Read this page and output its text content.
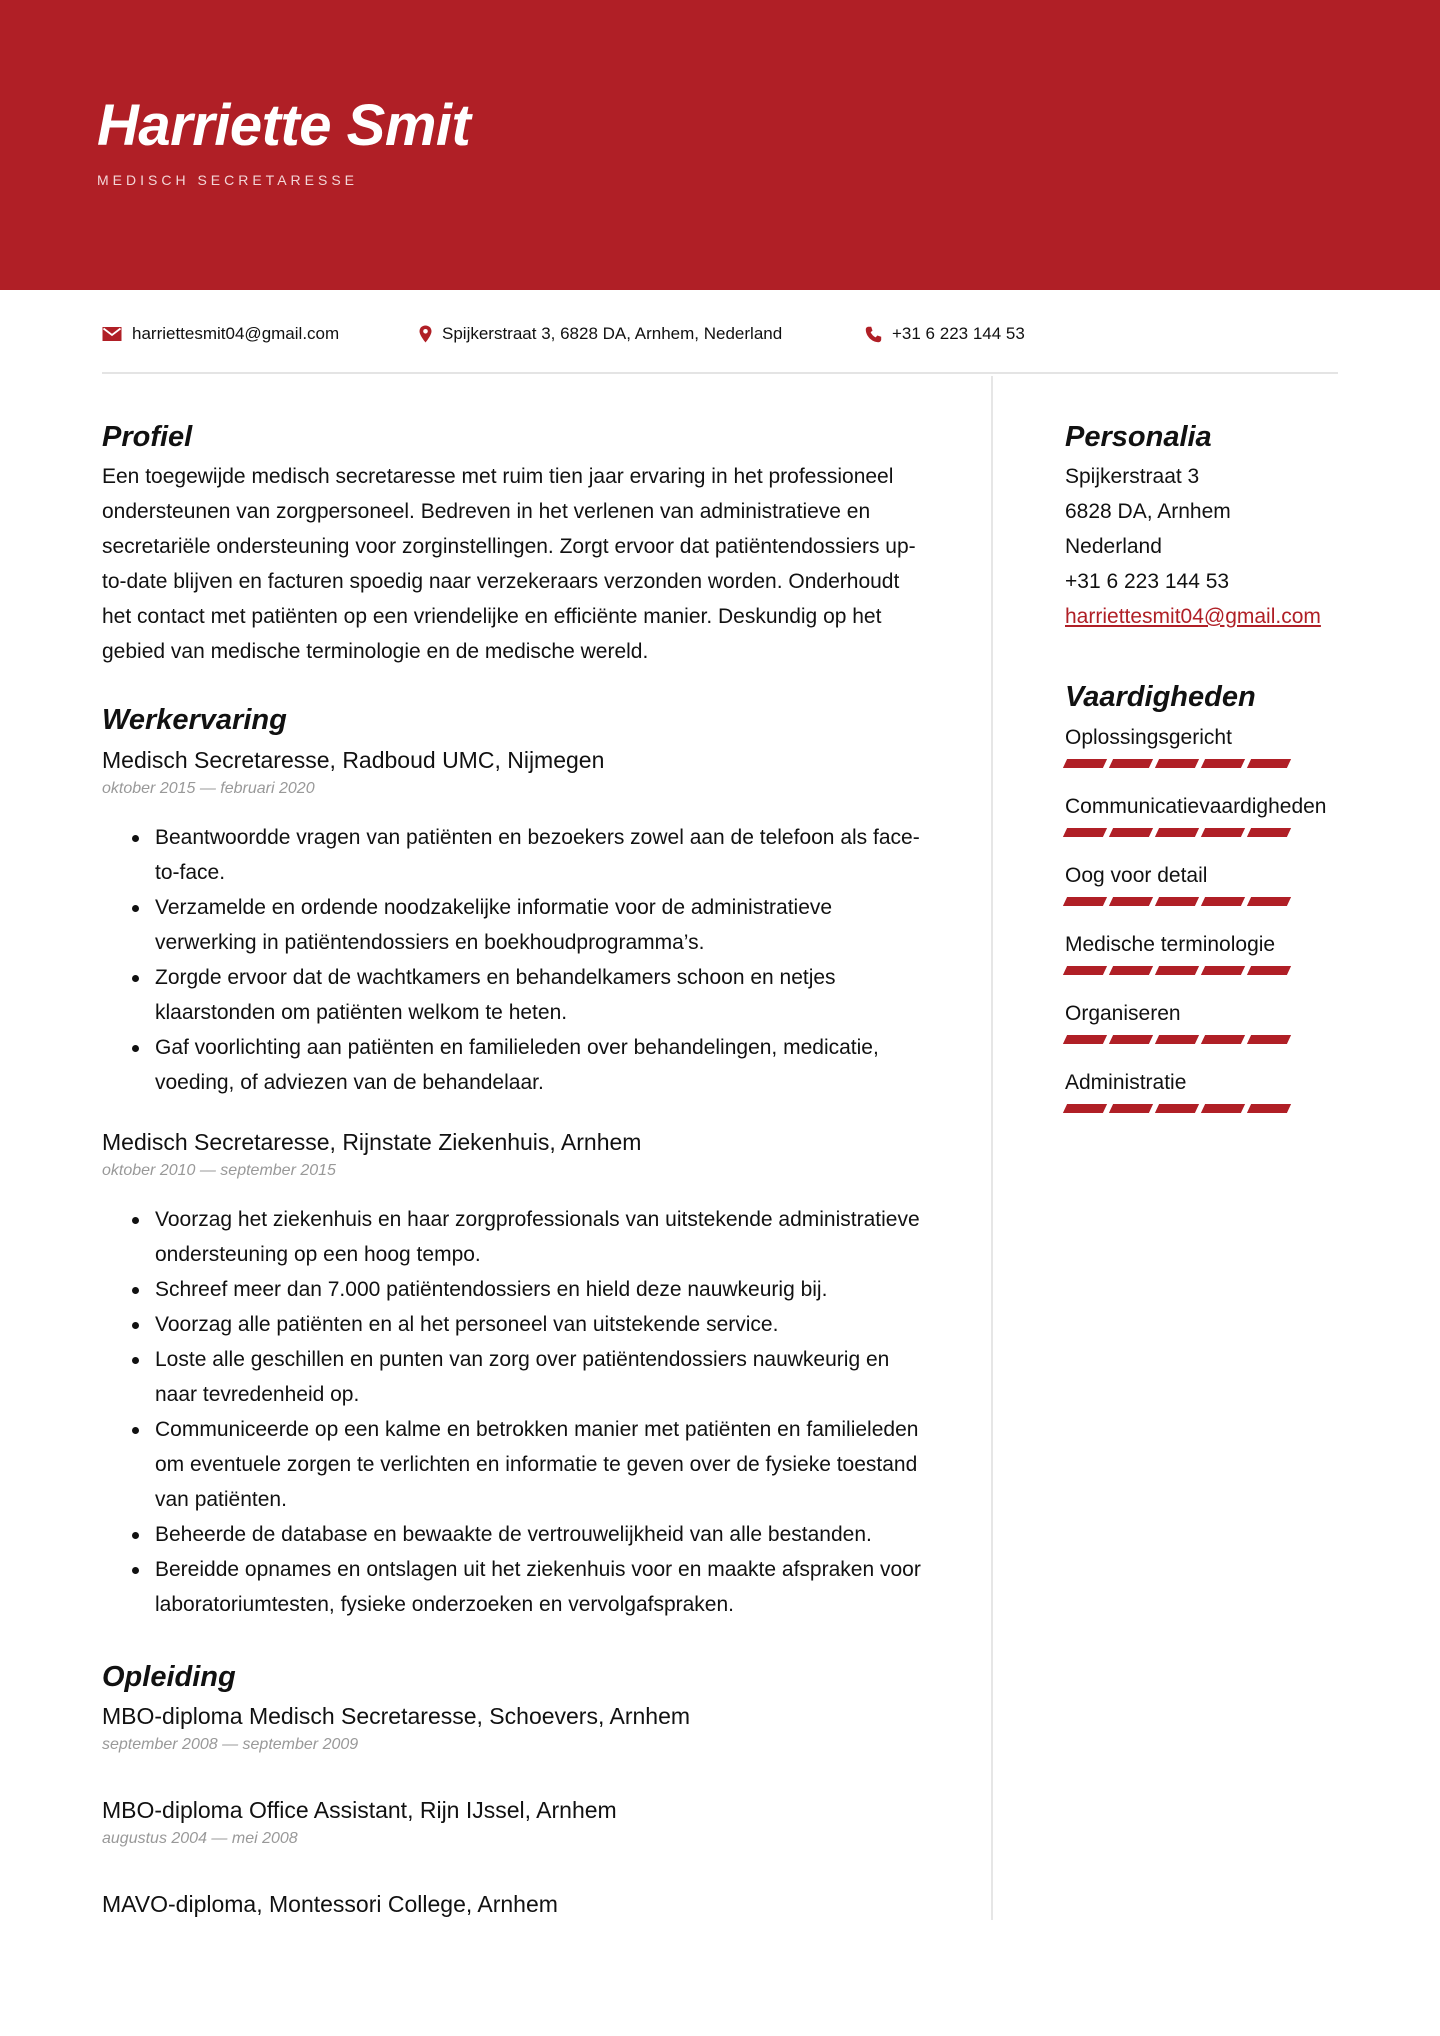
Harriette Smit
MEDISCH SECRETARESSE
harriettesmit04@gmail.com	Spijkerstraat 3, 6828 DA, Arnhem, Nederland	+31 6 223 144 53
Profiel

Een toegewijde medisch secretaresse met ruim tien jaar ervaring in het professioneel ondersteunen van zorgpersoneel. Bedreven in het verlenen van administratieve en secretariële ondersteuning voor zorginstellingen. Zorgt ervoor dat patiëntendossiers up-to-date blijven en facturen spoedig naar verzekeraars verzonden worden. Onderhoudt het contact met patiënten op een vriendelijke en efficiënte manier. Deskundig op het gebied van medische terminologie en de medische wereld.

Werkervaring
Medisch Secretaresse, Radboud UMC, Nijmegen
oktober 2015 — februari 2020
Beantwoordde vragen van patiënten en bezoekers zowel aan de telefoon als face-to-face.
Verzamelde en ordende noodzakelijke informatie voor de administratieve verwerking in patiëntendossiers en boekhoudprogramma’s.
Zorgde ervoor dat de wachtkamers en behandelkamers schoon en netjes klaarstonden om patiënten welkom te heten.
Gaf voorlichting aan patiënten en familieleden over behandelingen, medicatie, voeding, of adviezen van de behandelaar.
Medisch Secretaresse, Rijnstate Ziekenhuis, Arnhem
oktober 2010 — september 2015
Voorzag het ziekenhuis en haar zorgprofessionals van uitstekende administratieve ondersteuning op een hoog tempo.
Schreef meer dan 7.000 patiëntendossiers en hield deze nauwkeurig bij.
Voorzag alle patiënten en al het personeel van uitstekende service.
Loste alle geschillen en punten van zorg over patiëntendossiers nauwkeurig en naar tevredenheid op.
Communiceerde op een kalme en betrokken manier met patiënten en familieleden om eventuele zorgen te verlichten en informatie te geven over de fysieke toestand van patiënten.
Beheerde de database en bewaakte de vertrouwelijkheid van alle bestanden.
Bereidde opnames en ontslagen uit het ziekenhuis voor en maakte afspraken voor laboratoriumtesten, fysieke onderzoeken en vervolgafspraken.
Opleiding
MBO-diploma Medisch Secretaresse, Schoevers, Arnhem
september 2008 — september 2009
MBO-diploma Office Assistant, Rijn IJssel, Arnhem
augustus 2004 — mei 2008
MAVO-diploma, Montessori College, Arnhem
Personalia
Spijkerstraat 3
6828 DA, Arnhem
Nederland
+31 6 223 144 53
harriettesmit04@gmail.com
Vaardigheden
Oplossingsgericht
Communicatievaardigheden
Oog voor detail
Medische terminologie
Organiseren
Administratie
